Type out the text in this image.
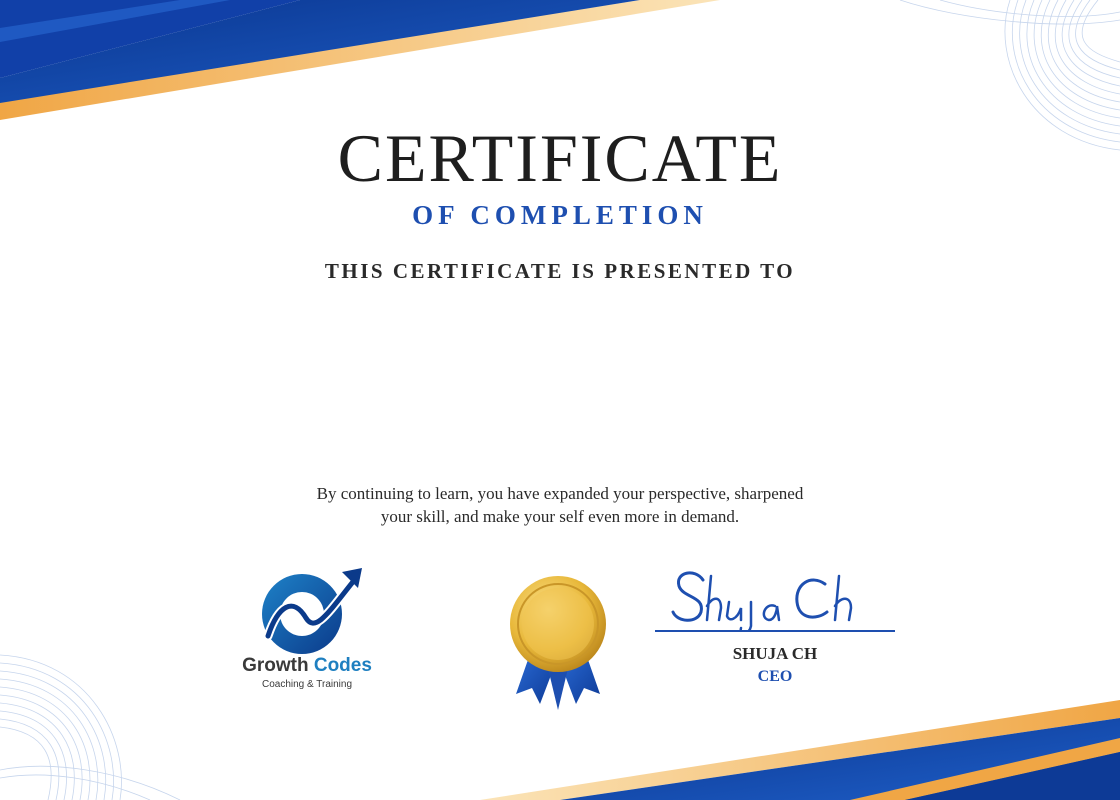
CERTIFICATE
OF COMPLETION
THIS CERTIFICATE IS PRESENTED TO
By continuing to learn, you have expanded your perspective, sharpened
your skill, and make your self even more in demand.
Growth Codes
Coaching & Training
SHUJA CH
CEO
